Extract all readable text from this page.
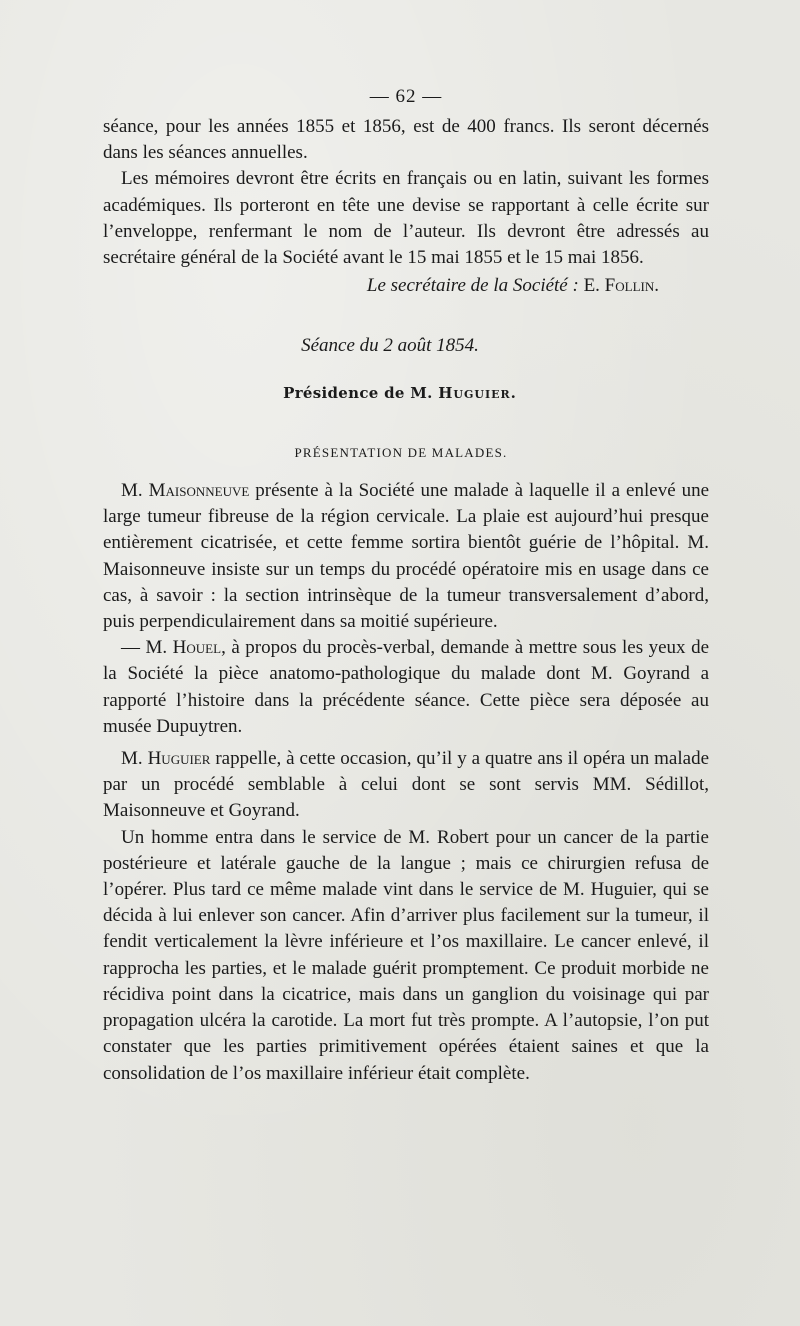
— 62 —

séance, pour les années 1855 et 1856, est de 400 francs. Ils seront décernés dans les séances annuelles.

Les mémoires devront être écrits en français ou en latin, suivant les formes académiques. Ils porteront en tête une devise se rapportant à celle écrite sur l’enveloppe, renfermant le nom de l’auteur. Ils devront être adressés au secrétaire général de la Société avant le 15 mai 1855 et le 15 mai 1856.

Le secrétaire de la Société : E. Follin.
Séance du 2 août 1854.
Présidence de M. Huguier.
PRÉSENTATION DE MALADES.

M. Maisonneuve présente à la Société une malade à laquelle il a enlevé une large tumeur fibreuse de la région cervicale. La plaie est aujourd’hui presque entièrement cicatrisée, et cette femme sortira bientôt guérie de l’hôpital. M. Maisonneuve insiste sur un temps du procédé opératoire mis en usage dans ce cas, à savoir : la section intrinsèque de la tumeur transversalement d’abord, puis perpendiculairement dans sa moitié supérieure.

— M. Houel, à propos du procès-verbal, demande à mettre sous les yeux de la Société la pièce anatomo-pathologique du malade dont M. Goyrand a rapporté l’histoire dans la précédente séance. Cette pièce sera déposée au musée Dupuytren.

M. Huguier rappelle, à cette occasion, qu’il y a quatre ans il opéra un malade par un procédé semblable à celui dont se sont servis MM. Sédillot, Maisonneuve et Goyrand.

Un homme entra dans le service de M. Robert pour un cancer de la partie postérieure et latérale gauche de la langue ; mais ce chirurgien refusa de l’opérer. Plus tard ce même malade vint dans le service de M. Huguier, qui se décida à lui enlever son cancer. Afin d’arriver plus facilement sur la tumeur, il fendit verticalement la lèvre inférieure et l’os maxillaire. Le cancer enlevé, il rapprocha les parties, et le malade guérit promptement. Ce produit morbide ne récidiva point dans la cicatrice, mais dans un ganglion du voisinage qui par propagation ulcéra la carotide. La mort fut très prompte. A l’autopsie, l’on put constater que les parties primitivement opérées étaient saines et que la consolidation de l’os maxillaire inférieur était complète.
